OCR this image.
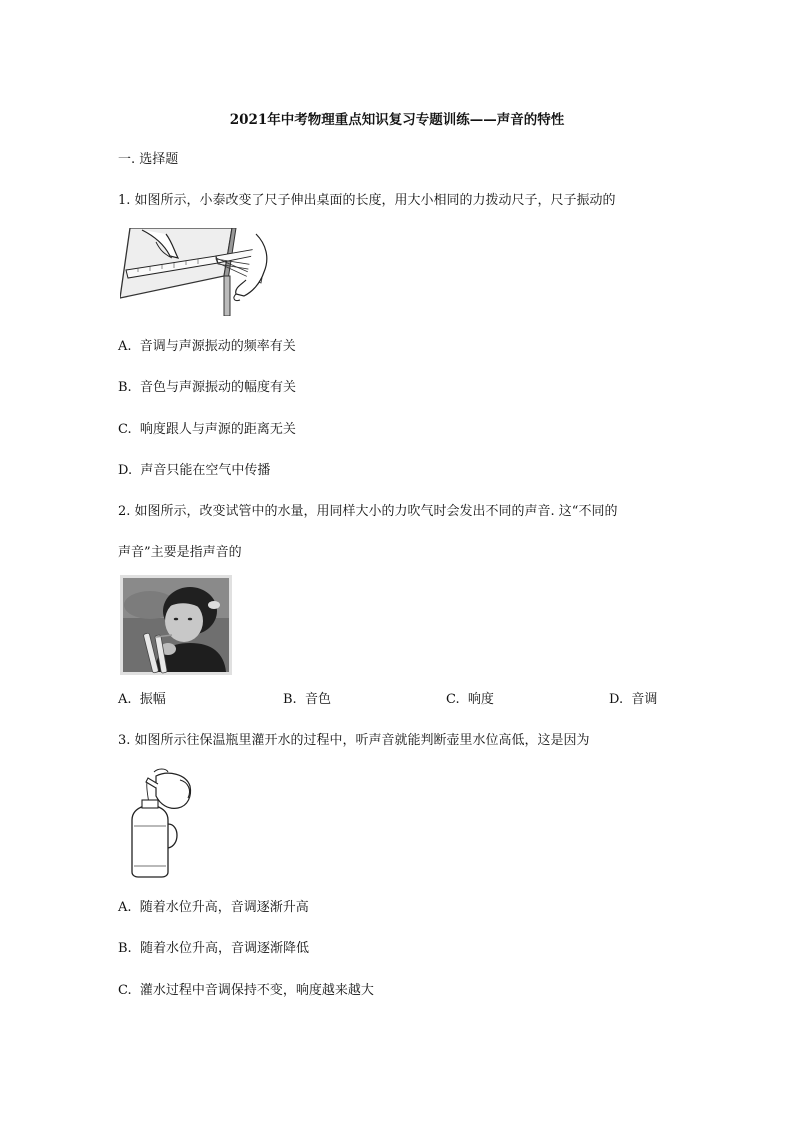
2021年中考物理重点知识复习专题训练——声音的特性
一. 选择题
1. 如图所示，小泰改变了尺子伸出桌面的长度，用大小相同的力拨动尺子，尺子振动的
A. 音调与声源振动的频率有关
B. 音色与声源振动的幅度有关
C. 响度跟人与声源的距离无关
D. 声音只能在空气中传播
2. 如图所示，改变试管中的水量，用同样大小的力吹气时会发出不同的声音. 这“不同的
声音”主要是指声音的
A. 振幅	B. 音色	C. 响度	D. 音调
3. 如图所示往保温瓶里灌开水的过程中，听声音就能判断壶里水位高低，这是因为
A. 随着水位升高，音调逐渐升高
B. 随着水位升高，音调逐渐降低
C. 灌水过程中音调保持不变，响度越来越大
